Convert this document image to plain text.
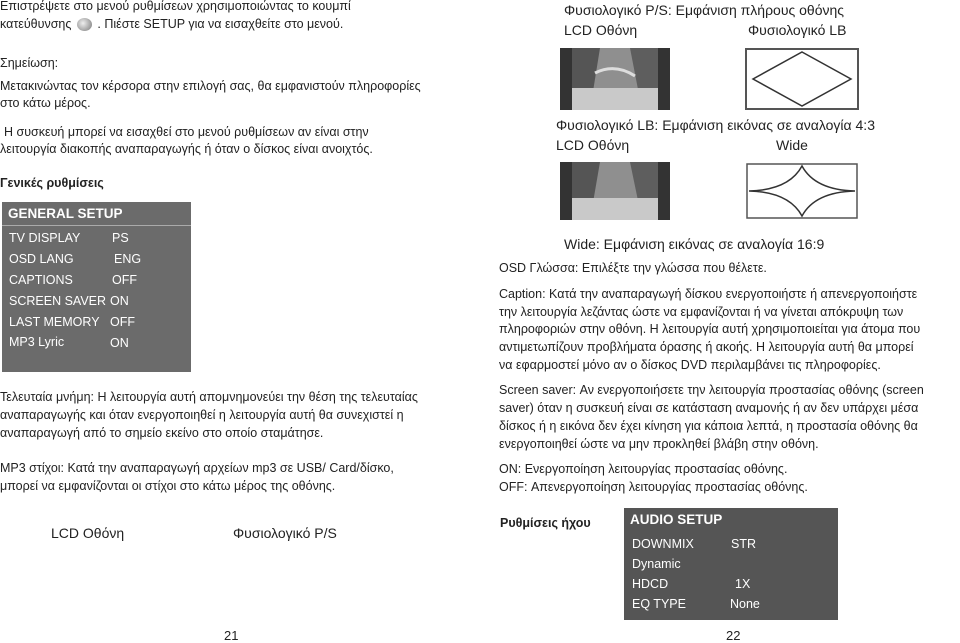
Επιστρέψετε στο μενού ρυθμίσεων χρησιμοποιώντας το κουμπί
κατεύθυνσης . Πιέστε SETUP για να εισαχθείτε στο μενού.
Σημείωση:
Μετακινώντας τον κέρσορα στην επιλογή σας, θα εμφανιστούν πληροφορίες
στο κάτω μέρος.
Η συσκευή μπορεί να εισαχθεί στο μενού ρυθμίσεων αν είναι στην
λειτουργία διακοπής αναπαραγωγής ή όταν ο δίσκος είναι ανοιχτός.
Γενικές ρυθμίσεις
GENERAL SETUP
TV DISPLAY	PS
OSD LANG	ENG
CAPTIONS	OFF
SCREEN SAVER ON
LAST MEMORY OFF
MP3 Lyric	ON
Τελευταία μνήμη: Η λειτουργία αυτή απομνημονεύει την θέση της τελευταίας
αναπαραγωγής και όταν ενεργοποιηθεί η λειτουργία αυτή θα συνεχιστεί η
αναπαραγωγή από το σημείο εκείνο στο οποίο σταμάτησε.
MP3 στίχοι: Κατά την αναπαραγωγή αρχείων mp3 σε USB/ Card/δίσκο,
μπορεί να εμφανίζονται οι στίχοι στο κάτω μέρος της οθόνης.
LCD Οθόνη	Φυσιολογικό P/S
21
Φυσιολογικό P/S: Εμφάνιση πλήρους οθόνης
LCD Οθόνη	Φυσιολογικό LB
Φυσιολογικό LB: Εμφάνιση εικόνας σε αναλογία 4:3
LCD Οθόνη	Wide
Wide: Εμφάνιση εικόνας σε αναλογία 16:9
OSD Γλώσσα: Επιλέξτε την γλώσσα που θέλετε.
Caption: Κατά την αναπαραγωγή δίσκου ενεργοποιήστε ή απενεργοποιήστε
την λειτουργία λεζάντας ώστε να εμφανίζονται ή να γίνεται απόκρυψη των
πληροφοριών στην οθόνη. Η λειτουργία αυτή χρησιμοποιείται για άτομα που
αντιμετωπίζουν προβλήματα όρασης ή ακοής. Η λειτουργία αυτή θα μπορεί
να εφαρμοστεί μόνο αν ο δίσκος DVD περιλαμβάνει τις πληροφορίες.
Screen saver: Αν ενεργοποιήσετε την λειτουργία προστασίας οθόνης (screen
saver) όταν η συσκευή είναι σε κατάσταση αναμονής ή αν δεν υπάρχει μέσα
δίσκος ή η εικόνα δεν έχει κίνηση για κάποια λεπτά, η προστασία οθόνης θα
ενεργοποιηθεί ώστε να μην προκληθεί βλάβη στην οθόνη.
ON: Ενεργοποίηση λειτουργίας προστασίας οθόνης.
OFF: Απενεργοποίηση λειτουργίας προστασίας οθόνης.
Ρυθμίσεις ήχου	AUDIO SETUP
DOWNMIX	STR
Dynamic
HDCD	1X
EQ TYPE	None
22
